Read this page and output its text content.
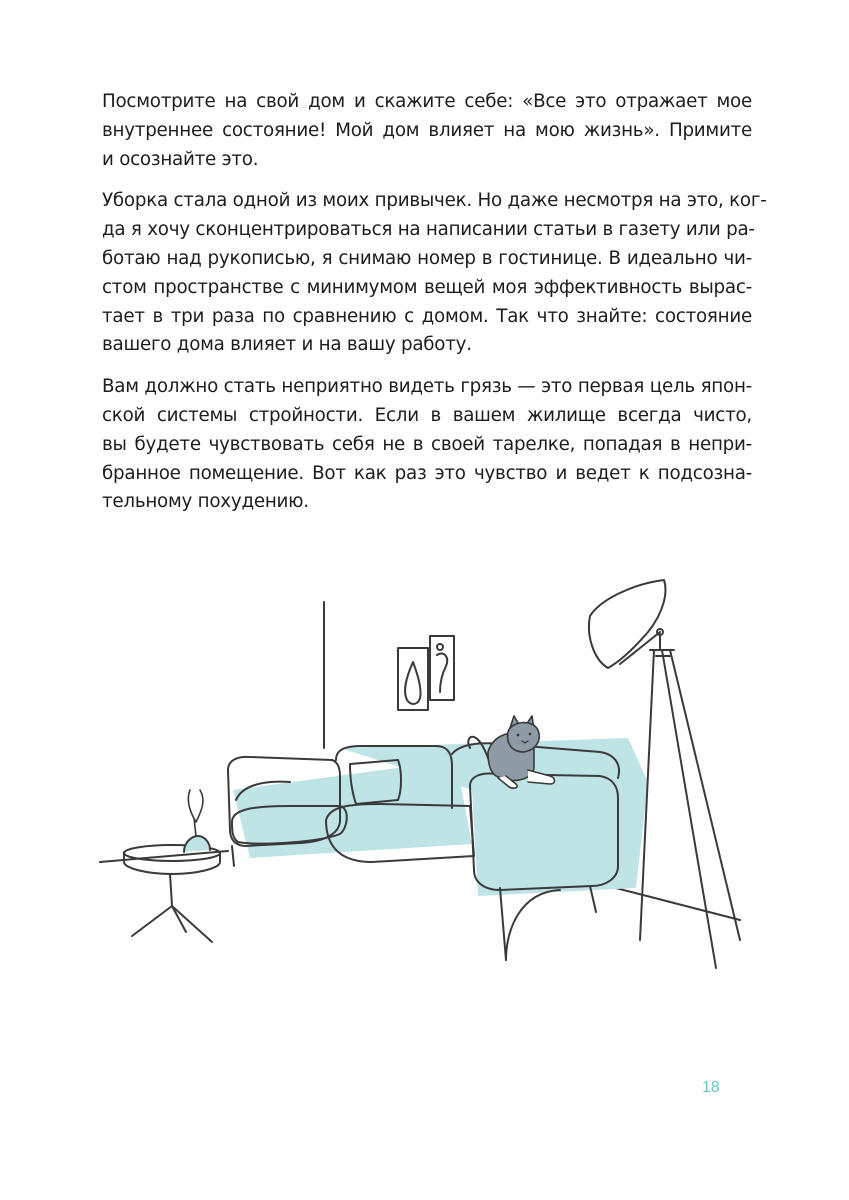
Посмотрите на свой дом и скажите себе: «Все это отражает мое
внутреннее состояние! Мой дом влияет на мою жизнь». Примите
и осознайте это.
Уборка стала одной из моих привычек. Но даже несмотря на это, ког-
да я хочу сконцентрироваться на написании статьи в газету или ра-
ботаю над рукописью, я снимаю номер в гостинице. В идеально чи-
стом пространстве с минимумом вещей моя эффективность вырас-
тает в три раза по сравнению с домом. Так что знайте: состояние
вашего дома влияет и на вашу работу.
Вам должно стать неприятно видеть грязь — это первая цель япон-
ской системы стройности. Если в вашем жилище всегда чисто,
вы будете чувствовать себя не в своей тарелке, попадая в непри-
бранное помещение. Вот как раз это чувство и ведет к подсозна-
тельному похудению.
18
